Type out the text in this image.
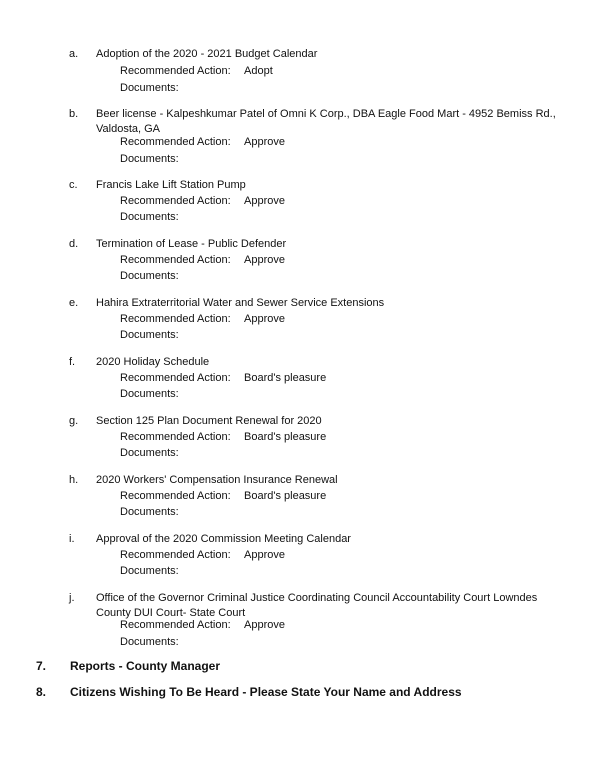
a. Adoption of the 2020 - 2021 Budget Calendar
Recommended Action: Adopt
Documents:
b. Beer license - Kalpeshkumar Patel of Omni K Corp., DBA Eagle Food Mart - 4952 Bemiss Rd., Valdosta, GA
Recommended Action: Approve
Documents:
c. Francis Lake Lift Station Pump
Recommended Action: Approve
Documents:
d. Termination of Lease - Public Defender
Recommended Action: Approve
Documents:
e. Hahira Extraterritorial Water and Sewer Service Extensions
Recommended Action: Approve
Documents:
f. 2020 Holiday Schedule
Recommended Action: Board's pleasure
Documents:
g. Section 125 Plan Document Renewal for 2020
Recommended Action: Board's pleasure
Documents:
h. 2020 Workers' Compensation Insurance Renewal
Recommended Action: Board's pleasure
Documents:
i. Approval of the 2020 Commission Meeting Calendar
Recommended Action: Approve
Documents:
j. Office of the Governor Criminal Justice Coordinating Council Accountability Court Lowndes County DUI Court- State Court
Recommended Action: Approve
Documents:
7. Reports - County Manager
8. Citizens Wishing To Be Heard - Please State Your Name and Address
